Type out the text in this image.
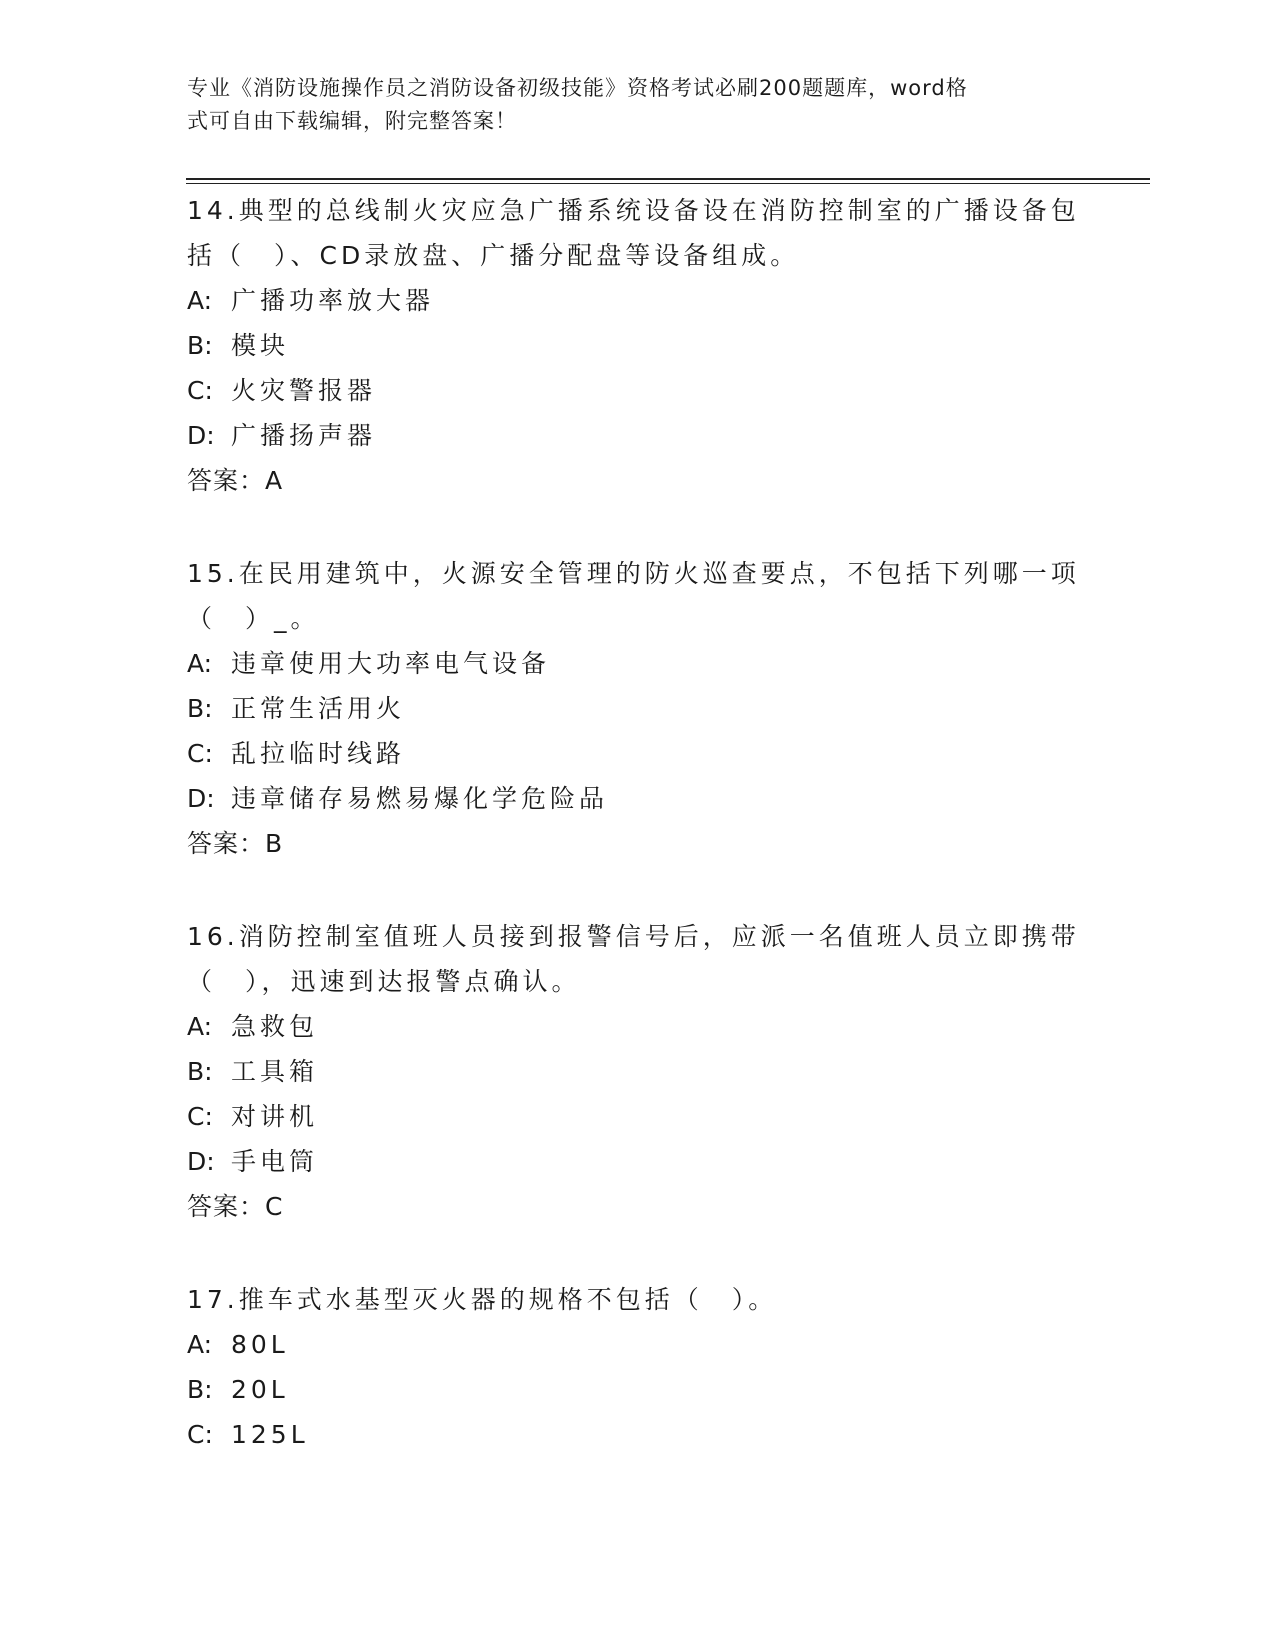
专业《消防设施操作员之消防设备初级技能》资格考试必刷200题题库，word格
式可自由下载编辑，附完整答案！
14.典型的总线制火灾应急广播系统设备设在消防控制室的广播设备包
括（　）、CD录放盘、广播分配盘等设备组成。
A: 广播功率放大器
B: 模块
C: 火灾警报器
D: 广播扬声器
答案：A
15.在民用建筑中，火源安全管理的防火巡查要点，不包括下列哪一项
（　）_。
A: 违章使用大功率电气设备
B: 正常生活用火
C: 乱拉临时线路
D: 违章储存易燃易爆化学危险品
答案：B
16.消防控制室值班人员接到报警信号后，应派一名值班人员立即携带
（　），迅速到达报警点确认。
A: 急救包
B: 工具箱
C: 对讲机
D: 手电筒
答案：C
17.推车式水基型灭火器的规格不包括（　）。
A: 80L
B: 20L
C: 125L
